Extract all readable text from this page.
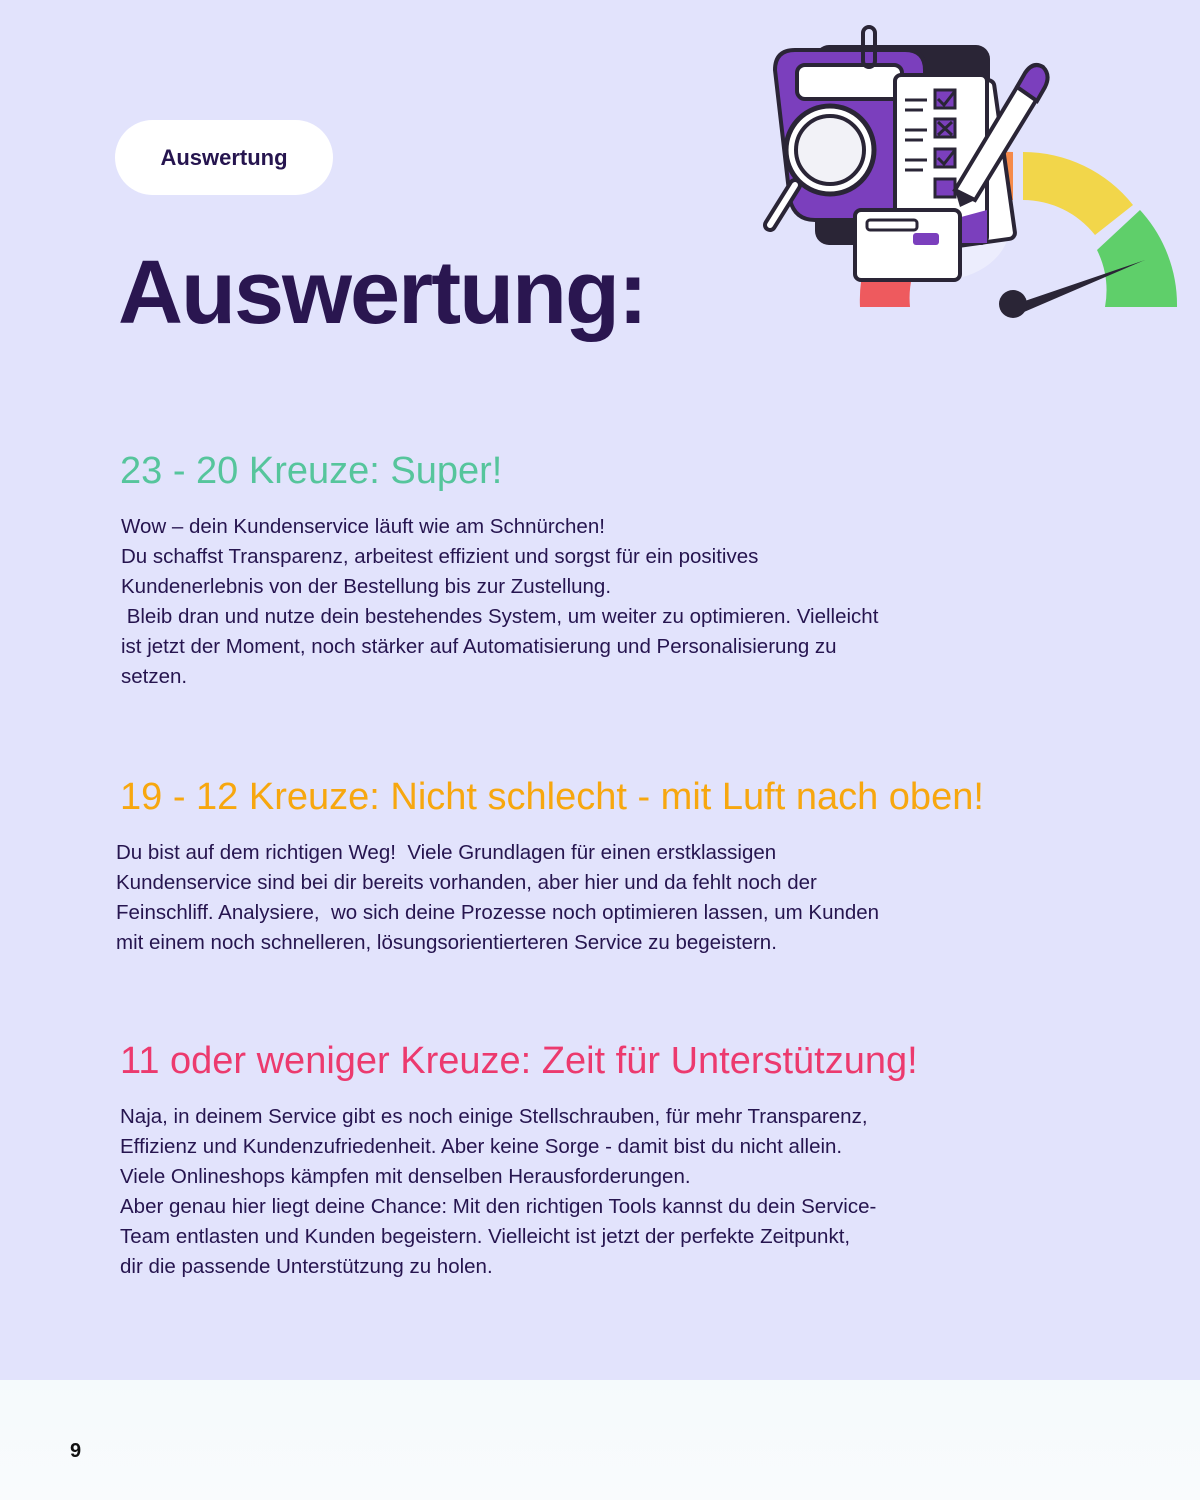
Auswertung
Auswertung:
23 - 20 Kreuze: Super!
Wow – dein Kundenservice läuft wie am Schnürchen!
Du schaffst Transparenz, arbeitest effizient und sorgst für ein positives
Kundenerlebnis von der Bestellung bis zur Zustellung.
Bleib dran und nutze dein bestehendes System, um weiter zu optimieren. Vielleicht
ist jetzt der Moment, noch stärker auf Automatisierung und Personalisierung zu
setzen.
19 - 12 Kreuze: Nicht schlecht - mit Luft nach oben!
Du bist auf dem richtigen Weg!  Viele Grundlagen für einen erstklassigen
Kundenservice sind bei dir bereits vorhanden, aber hier und da fehlt noch der
Feinschliff. Analysiere,  wo sich deine Prozesse noch optimieren lassen, um Kunden
mit einem noch schnelleren, lösungsorientierteren Service zu begeistern.
11 oder weniger Kreuze: Zeit für Unterstützung!
Naja, in deinem Service gibt es noch einige Stellschrauben, für mehr Transparenz,
Effizienz und Kundenzufriedenheit. Aber keine Sorge - damit bist du nicht allein.
Viele Onlineshops kämpfen mit denselben Herausforderungen.
Aber genau hier liegt deine Chance: Mit den richtigen Tools kannst du dein Service-
Team entlasten und Kunden begeistern. Vielleicht ist jetzt der perfekte Zeitpunkt,
dir die passende Unterstützung zu holen.
9
